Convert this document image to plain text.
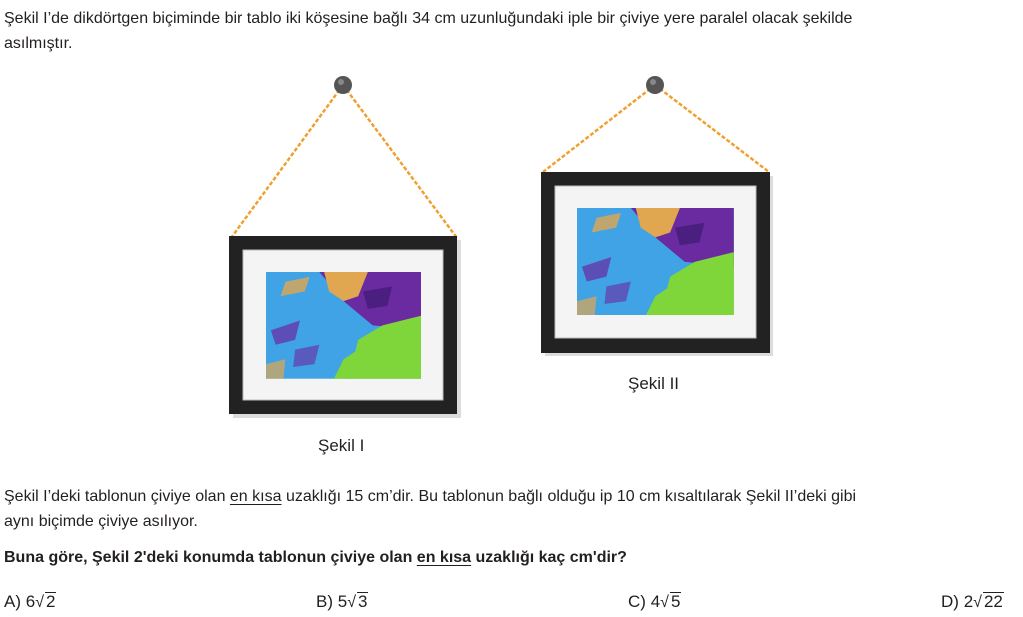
Şekil I’de dikdörtgen biçiminde bir tablo iki köşesine bağlı 34 cm uzunluğundaki iple bir çiviye yere paralel olacak şekilde
asılmıştır.
Şekil I
Şekil II
Şekil I’deki tablonun çiviye olan en kısa uzaklığı 15 cm’dir. Bu tablonun bağlı olduğu ip 10 cm kısaltılarak Şekil II’deki gibi
aynı biçimde çiviye asılıyor.
Buna göre, Şekil 2'deki konumda tablonun çiviye olan en kısa uzaklığı kaç cm'dir?
A) 6√ 2	B) 5√ 3	C) 4√ 5	D) 2√ 22
